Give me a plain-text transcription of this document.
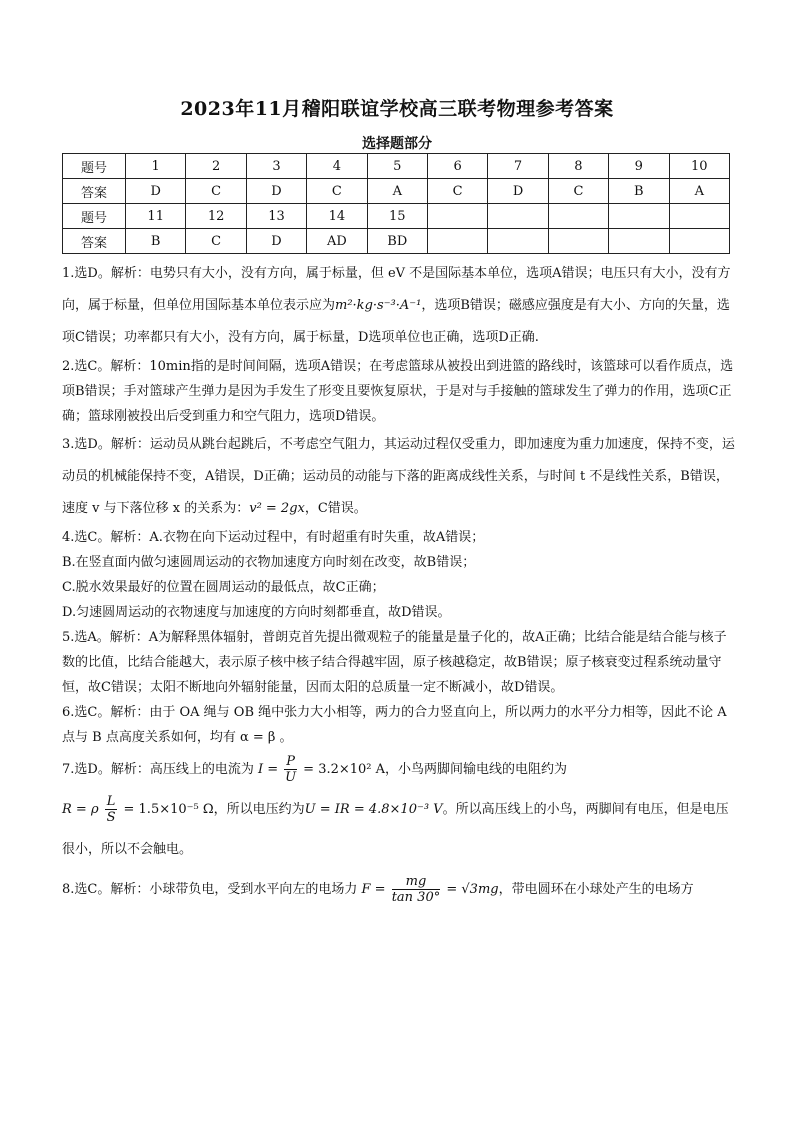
2023年11月稽阳联谊学校高三联考物理参考答案
选择题部分
题号	1	2	3	4	5	6	7	8	9	10
答案	D	C	D	C	A	C	D	C	B	A
题号	11	12	13	14	15					
答案	B	C	D	AD	BD					

1.选D。解析：电势只有大小，没有方向，属于标量，但 eV 不是国际基本单位，选项A错误；电压只有大小，没有方向，属于标量，但单位用国际基本单位表示应为m²·kg·s⁻³·A⁻¹，选项B错误；磁感应强度是有大小、方向的矢量，选项C错误；功率都只有大小，没有方向，属于标量，D选项单位也正确，选项D正确.

2.选C。解析：10min指的是时间间隔，选项A错误；在考虑篮球从被投出到进篮的路线时，该篮球可以看作质点，选项B错误；手对篮球产生弹力是因为手发生了形变且要恢复原状，于是对与手接触的篮球发生了弹力的作用，选项C正确；篮球刚被投出后受到重力和空气阻力，选项D错误。

3.选D。解析：运动员从跳台起跳后，不考虑空气阻力，其运动过程仅受重力，即加速度为重力加速度，保持不变，运动员的机械能保持不变，A错误，D正确；运动员的动能与下落的距离成线性关系，与时间 t 不是线性关系，B错误，速度 v 与下落位移 x 的关系为：v² = 2gx，C错误。

4.选C。解析：A.衣物在向下运动过程中，有时超重有时失重，故A错误；

B.在竖直面内做匀速圆周运动的衣物加速度方向时刻在改变，故B错误；

C.脱水效果最好的位置在圆周运动的最低点，故C正确；

D.匀速圆周运动的衣物速度与加速度的方向时刻都垂直，故D错误。

5.选A。解析：A为解释黑体辐射，普朗克首先提出微观粒子的能量是量子化的，故A正确；比结合能是结合能与核子数的比值，比结合能越大，表示原子核中核子结合得越牢固，原子核越稳定，故B错误；原子核衰变过程系统动量守恒，故C错误；太阳不断地向外辐射能量，因而太阳的总质量一定不断减小，故D错误。

6.选C。解析：由于 OA 绳与 OB 绳中张力大小相等，两力的合力竖直向上，所以两力的水平分力相等，因此不论 A 点与 B 点高度关系如何，均有 α = β 。

7.选D。解析：高压线上的电流为 $I = \frac{P}{U} = 3.2\times 10^2$ A，小鸟两脚间输电线的电阻约为
R = ρ $\frac{L}{S} = 1.5\times 10^{-5}$ Ω，所以电压约为U = IR = 4.8×10⁻³ V。所以高压线上的小鸟，两脚间有电压，但是电压很小，所以不会触电。

8.选C。解析：小球带负电，受到水平向左的电场力 $F = \frac{mg}{\tan 30^\circ} = √3mg$，带电圆环在小球处产生的电场方
